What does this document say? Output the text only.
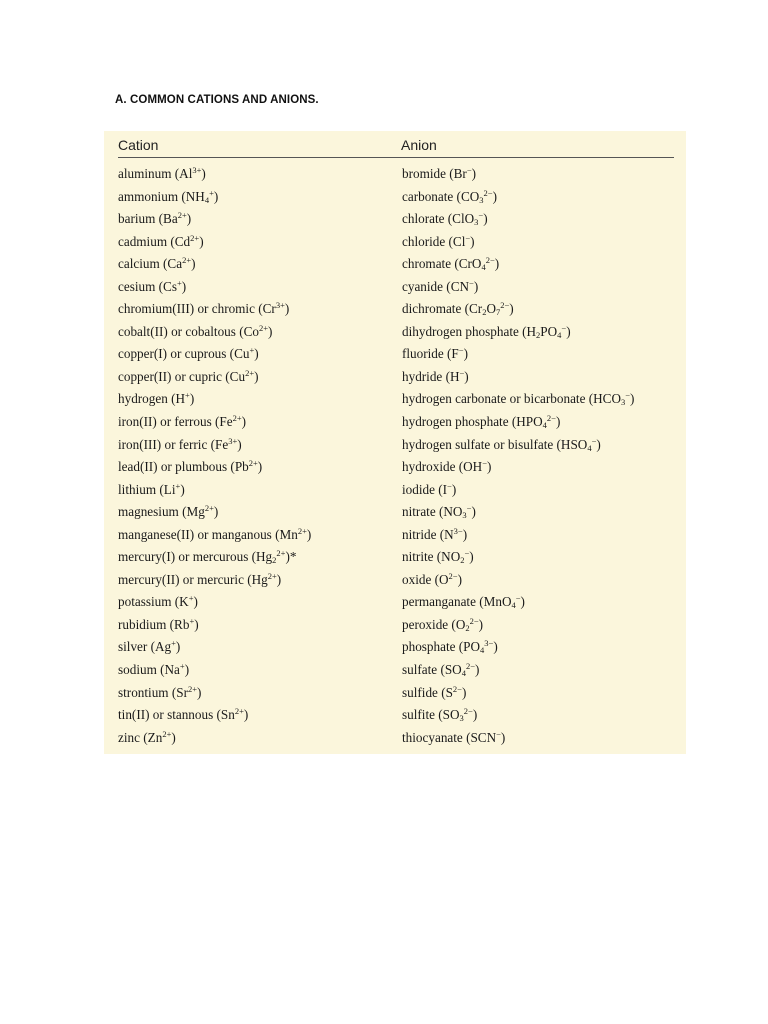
A. COMMON CATIONS AND ANIONS.
Cation	Anion
aluminum $(Al^{3+})$
ammonium $(NH_4^+)$
barium $(Ba^{2+})$
cadmium $(Cd^{2+})$
calcium $(Ca^{2+})$
cesium (Cs+)
chromium(III) or chromic $(Cr^{3+})$
cobalt(II) or cobaltous $(Co^{2+})$
copper(I) or cuprous (Cu+)
copper(II) or cupric $(Cu^{2+})$
hydrogen (H+)
iron(II) or ferrous $(Fe^{2+})$
iron(III) or ferric $(Fe^{3+})$
lead(II) or plumbous $(Pb^{2+})$
lithium (Li+)
magnesium $(Mg^{2+})$
manganese(II) or manganous $(Mn^{2+})$
mercury(I) or mercurous $(Hg_2^{2+})*$
mercury(II) or mercuric $(Hg^{2+})$
potassium (K+)
rubidium (Rb+)
silver (Ag+)
sodium (Na+)
strontium $(Sr^{2+})$
tin(II) or stannous $(Sn^{2+})$
zinc $(Zn^{2+})$
bromide (Br−)
carbonate $(CO_3^{2-})$
chlorate (ClO$_3$−)
chloride (Cl−)
chromate (CrO$_4^{2-}$)
cyanide (CN−)
dichromate $(Cr_2O_7^{2-})$
dihydrogen phosphate $(H_2PO_4^-)$
fluoride (F−)
hydride (H−)
hydrogen carbonate or bicarbonate $(HCO_3^-)$
hydrogen phosphate $(HPO_4^{2-})$
hydrogen sulfate or bisulfate $(HSO_4^-)$
hydroxide (OH−)
iodide (I−)
nitrate $(NO_3^-)$
nitride $(N^{3-})$
nitrite $(NO_2^-)$
oxide $(O^{2-})$
permanganate (MnO$_4$−)
peroxide $(O_2^{2-})$
phosphate $(PO_4^{3-})$
sulfate $(SO_4^{2-})$
sulfide $(S^{2-})$
sulfite $(SO_3^{2-})$
thiocyanate (SCN−)
